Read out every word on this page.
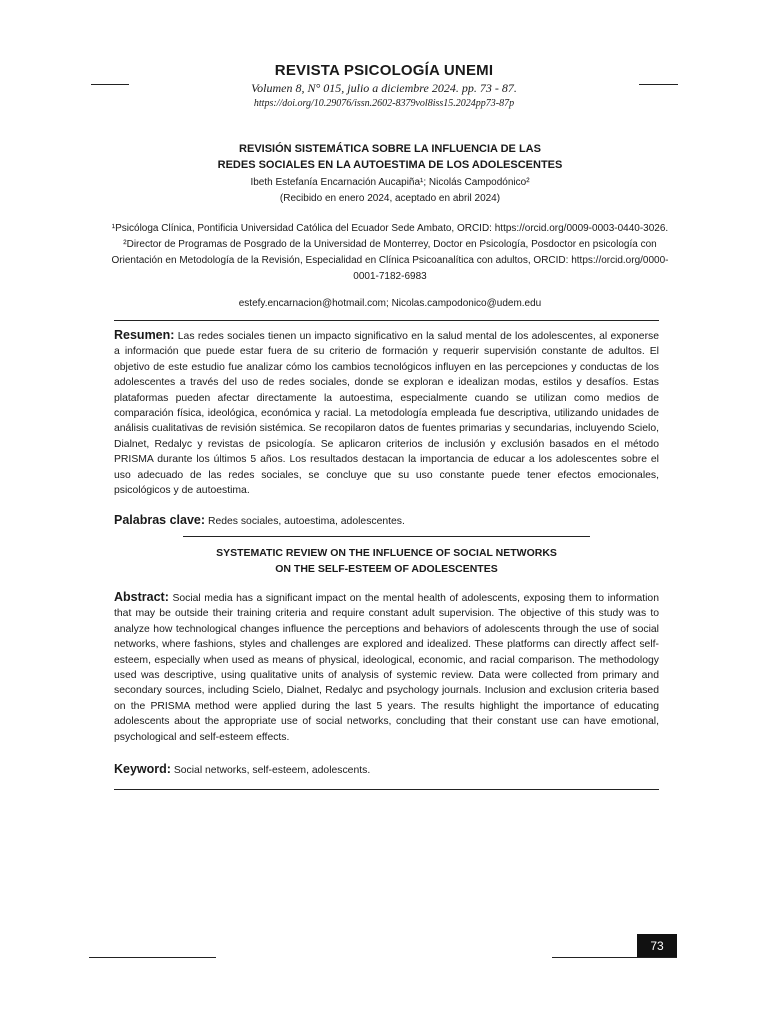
REVISTA PSICOLOGÍA UNEMI
Volumen 8, N° 015, julio a diciembre 2024. pp. 73 - 87.
https://doi.org/10.29076/issn.2602-8379vol8iss15.2024pp73-87p
REVISIÓN SISTEMÁTICA SOBRE LA INFLUENCIA DE LAS
REDES SOCIALES EN LA AUTOESTIMA DE LOS ADOLESCENTES
Ibeth Estefanía Encarnación Aucapiña¹; Nicolás Campodónico²
(Recibido en enero 2024, aceptado en abril 2024)
¹Psicóloga Clínica, Pontificia Universidad Católica del Ecuador Sede Ambato, ORCID: https://orcid.org/0009-0003-0440-3026. ²Director de Programas de Posgrado de la Universidad de Monterrey, Doctor en Psicología, Posdoctor en psicología con Orientación en Metodología de la Revisión, Especialidad en Clínica Psicoanalítica con adultos, ORCID: https://orcid.org/0000-0001-7182-6983
estefy.encarnacion@hotmail.com; Nicolas.campodonico@udem.edu
Resumen: Las redes sociales tienen un impacto significativo en la salud mental de los adolescentes, al exponerse a información que puede estar fuera de su criterio de formación y requerir supervisión constante de adultos. El objetivo de este estudio fue analizar cómo los cambios tecnológicos influyen en las percepciones y conductas de los adolescentes a través del uso de redes sociales, donde se exploran e idealizan modas, estilos y desafíos. Estas plataformas pueden afectar directamente la autoestima, especialmente cuando se utilizan como medios de comparación física, ideológica, económica y racial. La metodología empleada fue descriptiva, utilizando unidades de análisis cualitativas de revisión sistémica. Se recopilaron datos de fuentes primarias y secundarias, incluyendo Scielo, Dialnet, Redalyc y revistas de psicología. Se aplicaron criterios de inclusión y exclusión basados en el método PRISMA durante los últimos 5 años. Los resultados destacan la importancia de educar a los adolescentes sobre el uso adecuado de las redes sociales, se concluye que su uso constante puede tener efectos emocionales, psicológicos y de autoestima.
Palabras clave: Redes sociales, autoestima, adolescentes.
SYSTEMATIC REVIEW ON THE INFLUENCE OF SOCIAL NETWORKS
ON THE SELF-ESTEEM OF ADOLESCENTES
Abstract: Social media has a significant impact on the mental health of adolescents, exposing them to information that may be outside their training criteria and require constant adult supervision. The objective of this study was to analyze how technological changes influence the perceptions and behaviors of adolescents through the use of social networks, where fashions, styles and challenges are explored and idealized. These platforms can directly affect self-esteem, especially when used as means of physical, ideological, economic, and racial comparison. The methodology used was descriptive, using qualitative units of analysis of systemic review. Data were collected from primary and secondary sources, including Scielo, Dialnet, Redalyc and psychology journals. Inclusion and exclusion criteria based on the PRISMA method were applied during the last 5 years. The results highlight the importance of educating adolescents about the appropriate use of social networks, concluding that their constant use can have emotional, psychological and self-esteem effects.
Keyword: Social networks, self-esteem, adolescents.
73
